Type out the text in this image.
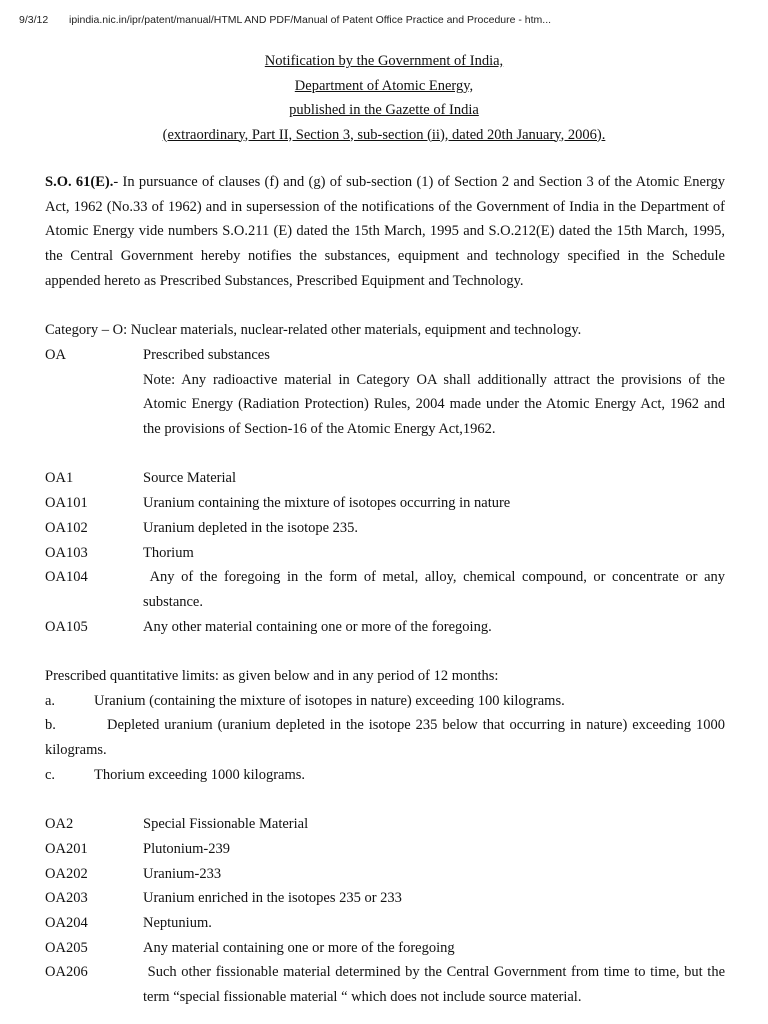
9/3/12 ipindia.nic.in/ipr/patent/manual/HTML AND PDF/Manual of Patent Office Practice and Procedure - htm...
Notification by the Government of India,
Department of Atomic Energy,
published in the Gazette of India
(extraordinary, Part II, Section 3, sub-section (ii), dated 20th January, 2006).
S.O. 61(E).- In pursuance of clauses (f) and (g) of sub-section (1) of Section 2 and Section 3 of the Atomic Energy Act, 1962 (No.33 of 1962) and in supersession of the notifications of the Government of India in the Department of Atomic Energy vide numbers S.O.211 (E) dated the 15th March, 1995 and S.O.212(E) dated the 15th March, 1995, the Central Government hereby notifies the substances, equipment and technology specified in the Schedule appended hereto as Prescribed Substances, Prescribed Equipment and Technology.
Category – O: Nuclear materials, nuclear-related other materials, equipment and technology.
OA	Prescribed substances
Note: Any radioactive material in Category OA shall additionally attract the provisions of the Atomic Energy (Radiation Protection) Rules, 2004 made under the Atomic Energy Act, 1962 and the provisions of Section-16 of the Atomic Energy Act,1962.
OA1	Source Material
OA101	Uranium containing the mixture of isotopes occurring in nature
OA102	Uranium depleted in the isotope 235.
OA103	Thorium
OA104	Any of the foregoing in the form of metal, alloy, chemical compound, or concentrate or any substance.
OA105	Any other material containing one or more of the foregoing.
Prescribed quantitative limits: as given below and in any period of 12 months:
a.	Uranium (containing the mixture of isotopes in nature) exceeding 100 kilograms.
b.	Depleted uranium (uranium depleted in the isotope 235 below that occurring in nature) exceeding 1000 kilograms.
c.	Thorium exceeding 1000 kilograms.
OA2	Special Fissionable Material
OA201	Plutonium-239
OA202	Uranium-233
OA203	Uranium enriched in the isotopes 235 or 233
OA204	Neptunium.
OA205	Any material containing one or more of the foregoing
OA206	Such other fissionable material determined by the Central Government from time to time, but the term “special fissionable material “ which does not include source material.
